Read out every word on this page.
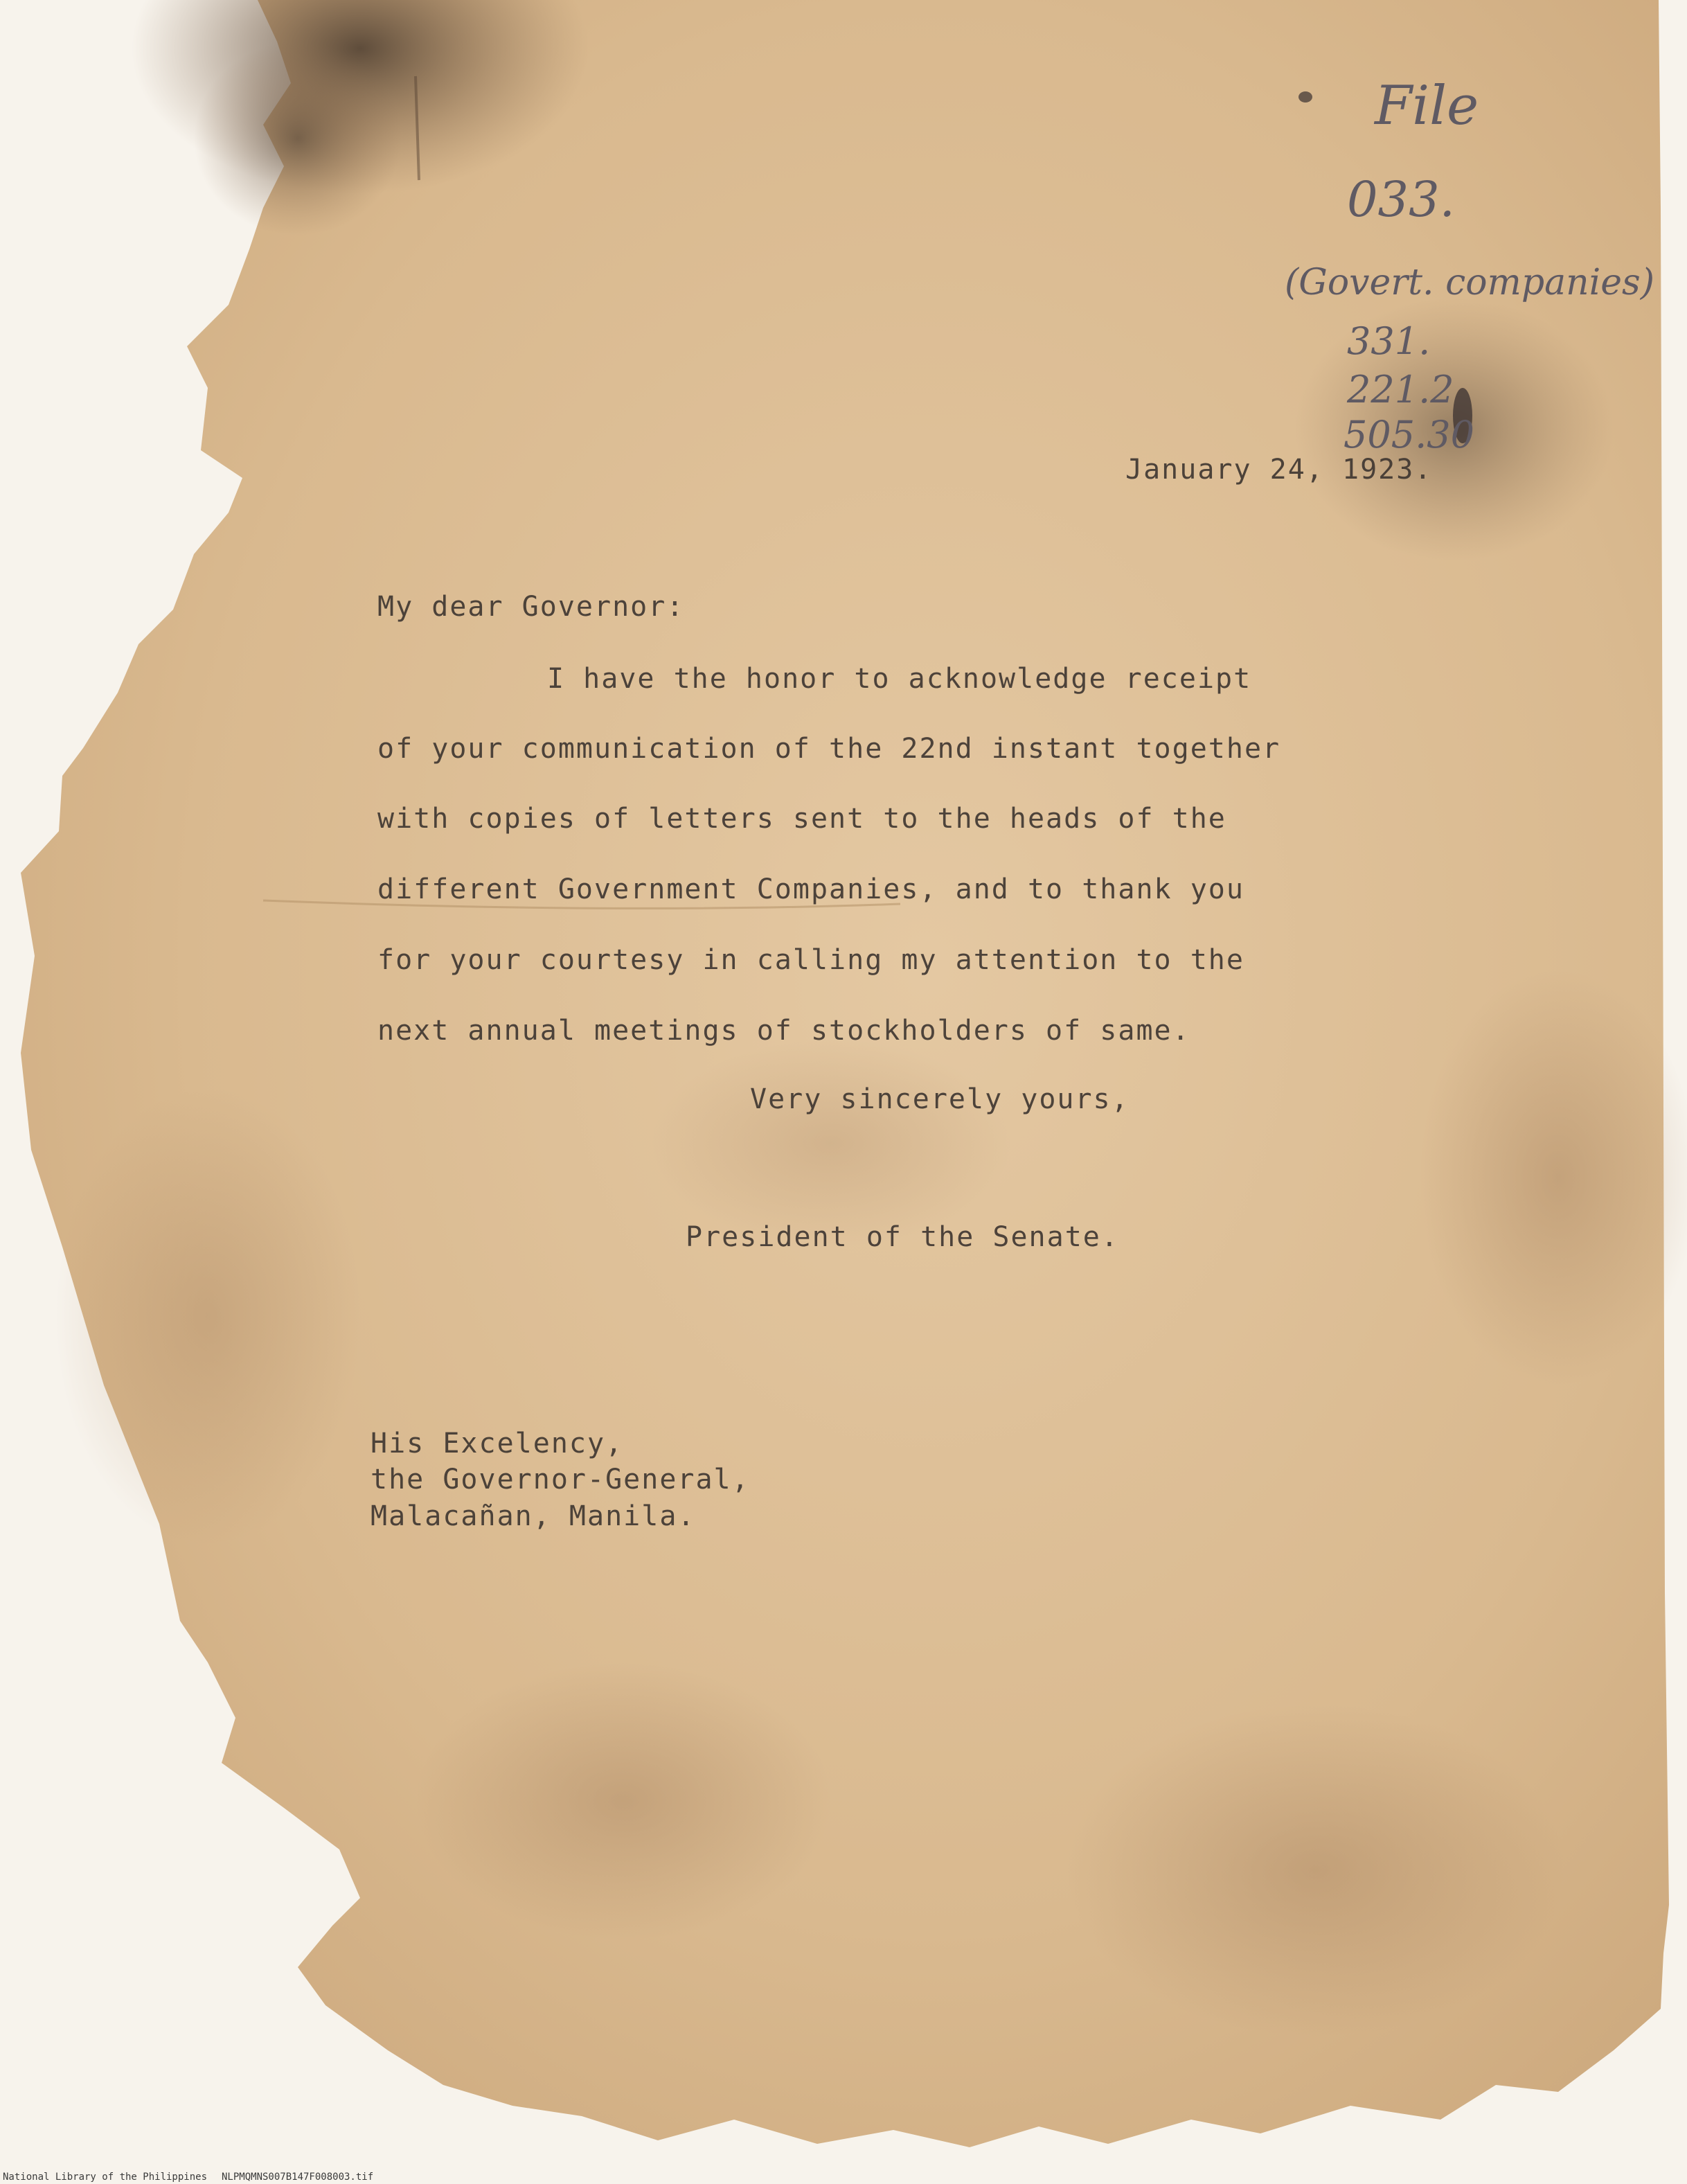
File

033.

(Govert. companies)

331.

221.2

505.30

January 24, 1923.

My dear Governor:

I have the honor to acknowledge receipt

of your communication of the 22nd instant together

with copies of letters sent to the heads of the

different Government Companies, and to thank you

for your courtesy in calling my attention to the

next annual meetings of stockholders of same.

Very sincerely yours,

President of the Senate.

His Excelency,

the Governor-General,

Malacañan, Manila.

National Library of the Philippines NLPMQMNS007B147F008003.tif
